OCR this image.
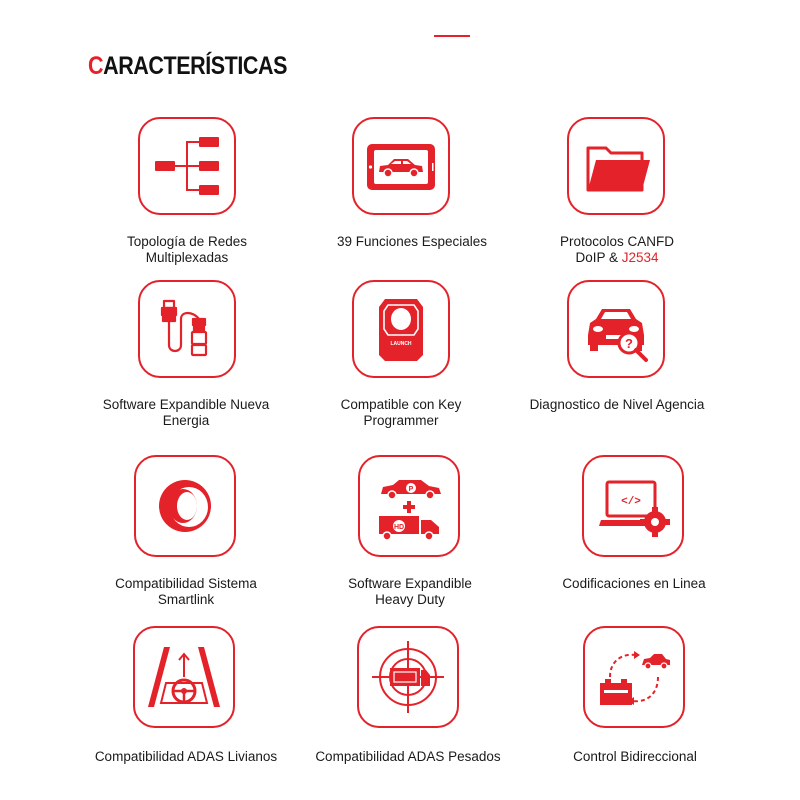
CARACTERÍSTICAS
Topología de Redes
Multiplexadas
39 Funciones Especiales	Protocolos CANFD
DoIP & J2534
Software Expandible Nueva
Energia
LAUNCH
Compatible con Key
Programmer
?
Diagnostico de Nivel Agencia
Compatibilidad Sistema
Smartlink
P
HD
Software Expandible
Heavy Duty
</>
Codificaciones en Linea
Compatibilidad ADAS Livianos	Compatibilidad ADAS Pesados	Control Bidireccional
